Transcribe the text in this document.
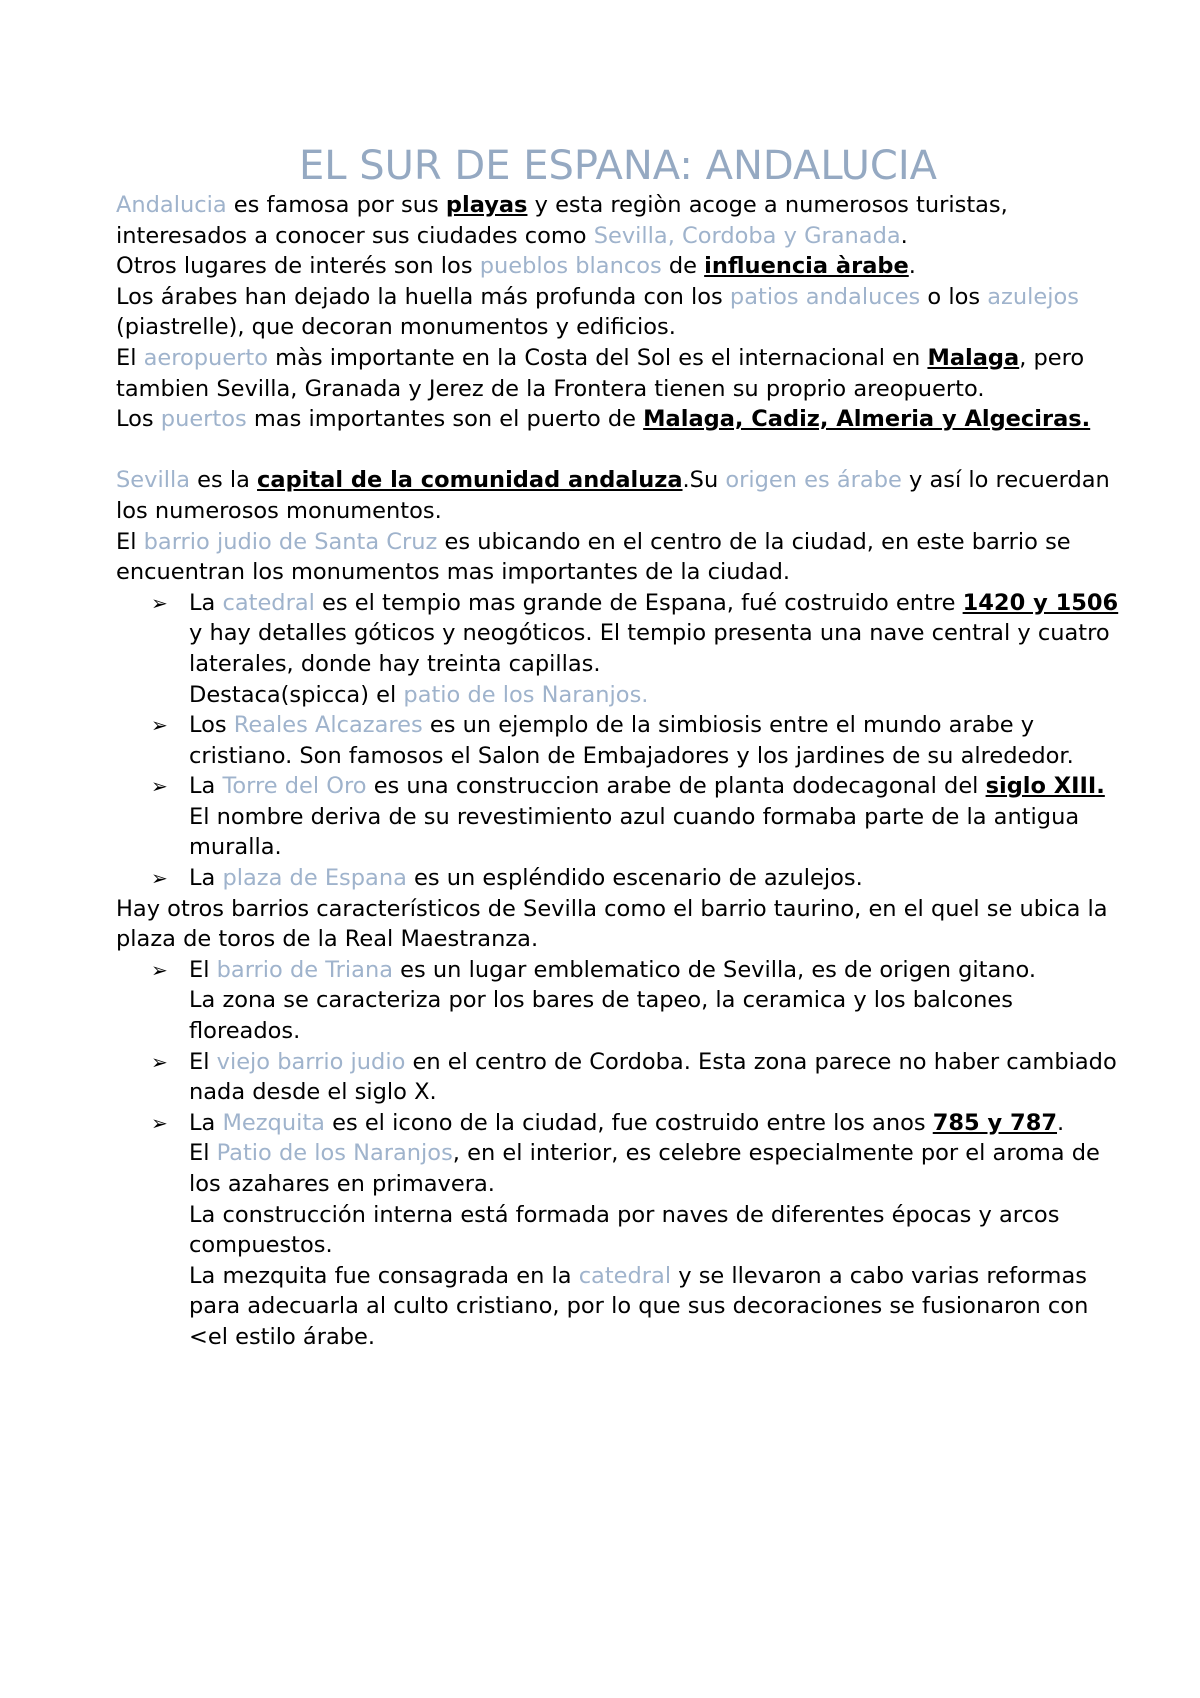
EL SUR DE ESPANA: ANDALUCIA

Andalucia es famosa por sus playas y esta regiòn acoge a numerosos turistas, interesados a conocer sus ciudades como Sevilla, Cordoba y Granada.

Otros lugares de interés son los pueblos blancos de influencia àrabe.

Los árabes han dejado la huella más profunda con los patios andaluces o los azulejos (piastrelle), que decoran monumentos y edificios.

El aeropuerto màs importante en la Costa del Sol es el internacional en Malaga, pero tambien Sevilla, Granada y Jerez de la Frontera tienen su proprio areopuerto.

Los puertos mas importantes son el puerto de Malaga, Cadiz, Almeria y Algeciras.

Sevilla es la capital de la comunidad andaluza.Su origen es árabe y así lo recuerdan los numerosos monumentos.

El barrio judio de Santa Cruz es ubicando en el centro de la ciudad, en este barrio se encuentran los monumentos mas importantes de la ciudad.

➢ La catedral es el tempio mas grande de Espana, fué costruido entre 1420 y 1506 y hay detalles góticos y neogóticos. El tempio presenta una nave central y cuatro laterales, donde hay treinta capillas.

Destaca(spicca) el patio de los Naranjos.

➢ Los Reales Alcazares es un ejemplo de la simbiosis entre el mundo arabe y cristiano. Son famosos el Salon de Embajadores y los jardines de su alrededor.

➢ La Torre del Oro es una construccion arabe de planta dodecagonal del siglo XIII.

El nombre deriva de su revestimiento azul cuando formaba parte de la antigua muralla.

➢ La plaza de Espana es un espléndido escenario de azulejos.

Hay otros barrios característicos de Sevilla como el barrio taurino, en el quel se ubica la plaza de toros de la Real Maestranza.

➢ El barrio de Triana es un lugar emblematico de Sevilla, es de origen gitano.

La zona se caracteriza por los bares de tapeo, la ceramica y los balcones floreados.

➢ El viejo barrio judio en el centro de Cordoba. Esta zona parece no haber cambiado nada desde el siglo X.

➢ La Mezquita es el icono de la ciudad, fue costruido entre los anos 785 y 787.

El Patio de los Naranjos, en el interior, es celebre especialmente por el aroma de los azahares en primavera.

La construcción interna está formada por naves de diferentes épocas y arcos compuestos.

La mezquita fue consagrada en la catedral y se llevaron a cabo varias reformas para adecuarla al culto cristiano, por lo que sus decoraciones se fusionaron con

<el estilo árabe.
